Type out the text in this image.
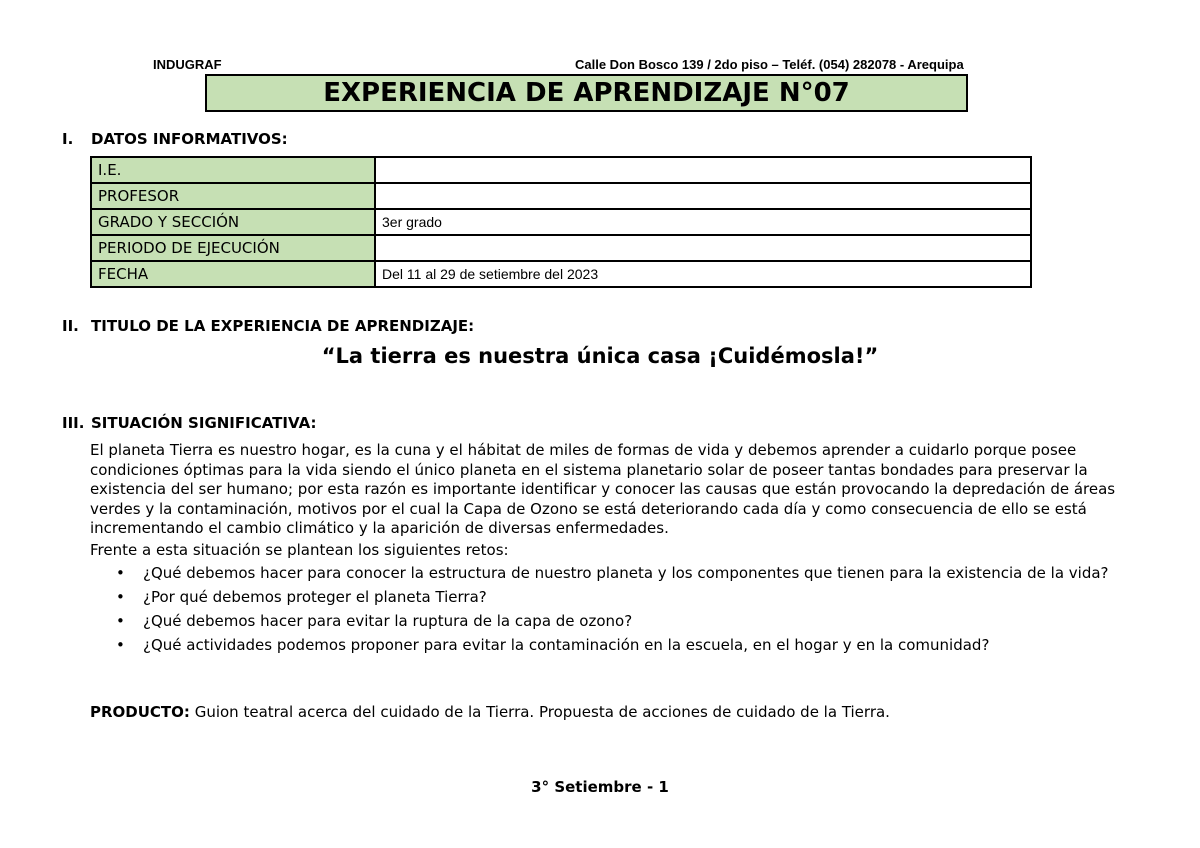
INDUGRAF	Calle Don Bosco 139 / 2do piso – Teléf. (054) 282078 - Arequipa
EXPERIENCIA DE APRENDIZAJE N°07
I. DATOS INFORMATIVOS:
I.E.	
PROFESOR	
GRADO Y SECCIÓN	3er grado
PERIODO DE EJECUCIÓN	
FECHA	Del 11 al 29 de setiembre del 2023
II. TITULO DE LA EXPERIENCIA DE APRENDIZAJE:
“La tierra es nuestra única casa ¡Cuidémosla!”
III. SITUACIÓN SIGNIFICATIVA:

El planeta Tierra es nuestro hogar, es la cuna y el hábitat de miles de formas de vida y debemos aprender a cuidarlo porque posee condiciones óptimas para la vida siendo el único planeta en el sistema planetario solar de poseer tantas bondades para preservar la existencia del ser humano; por esta razón es importante identificar y conocer las causas que están provocando la depredación de áreas verdes y la contaminación, motivos por el cual la Capa de Ozono se está deteriorando cada día y como consecuencia de ello se está incrementando el cambio climático y la aparición de diversas enfermedades.

Frente a esta situación se plantean los siguientes retos:
• ¿Qué debemos hacer para conocer la estructura de nuestro planeta y los componentes que tienen para la existencia de la vida?
• ¿Por qué debemos proteger el planeta Tierra?
• ¿Qué debemos hacer para evitar la ruptura de la capa de ozono?
• ¿Qué actividades podemos proponer para evitar la contaminación en la escuela, en el hogar y en la comunidad?
PRODUCTO: Guion teatral acerca del cuidado de la Tierra. Propuesta de acciones de cuidado de la Tierra.
3° Setiembre - 1
